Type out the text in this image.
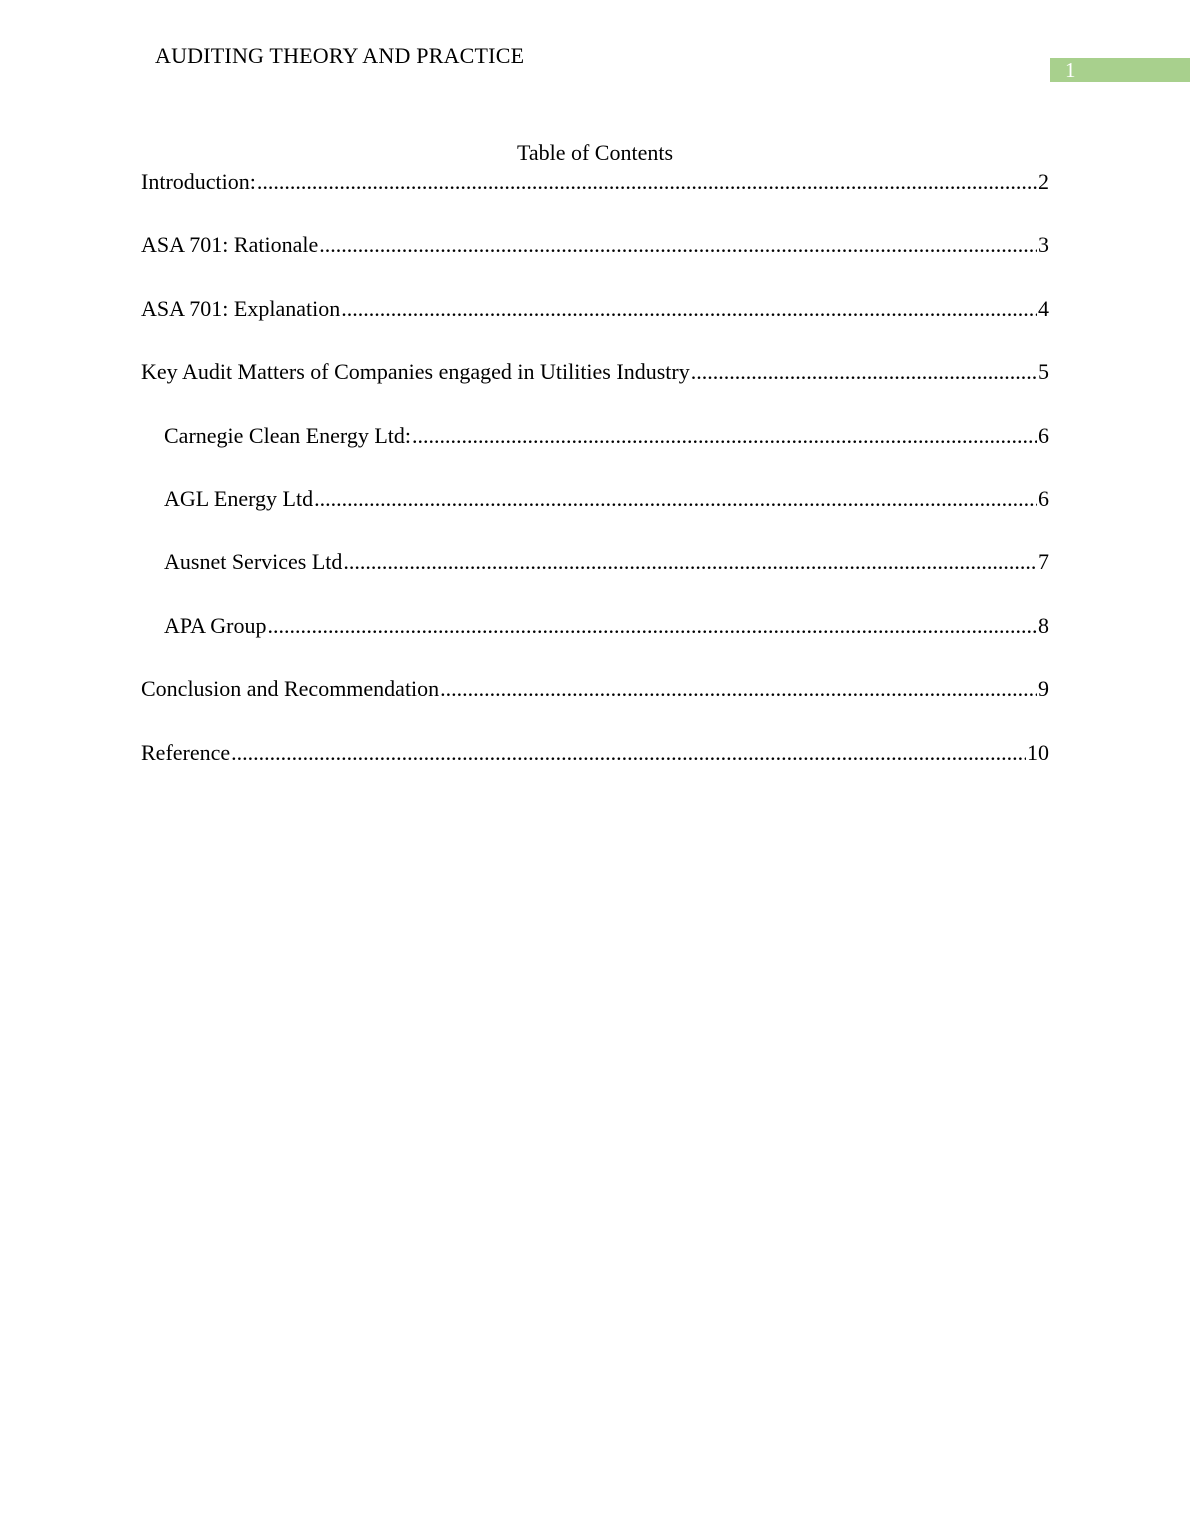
AUDITING THEORY AND PRACTICE
1
Table of Contents
Introduction: .....	2
ASA 701: Rationale .....	3
ASA 701: Explanation .....	4
Key Audit Matters of Companies engaged in Utilities Industry .....	5
Carnegie Clean Energy Ltd: .....	6
AGL Energy Ltd .....	6
Ausnet Services Ltd .....	7
APA Group .....	8
Conclusion and Recommendation .....	9
Reference .....	10
